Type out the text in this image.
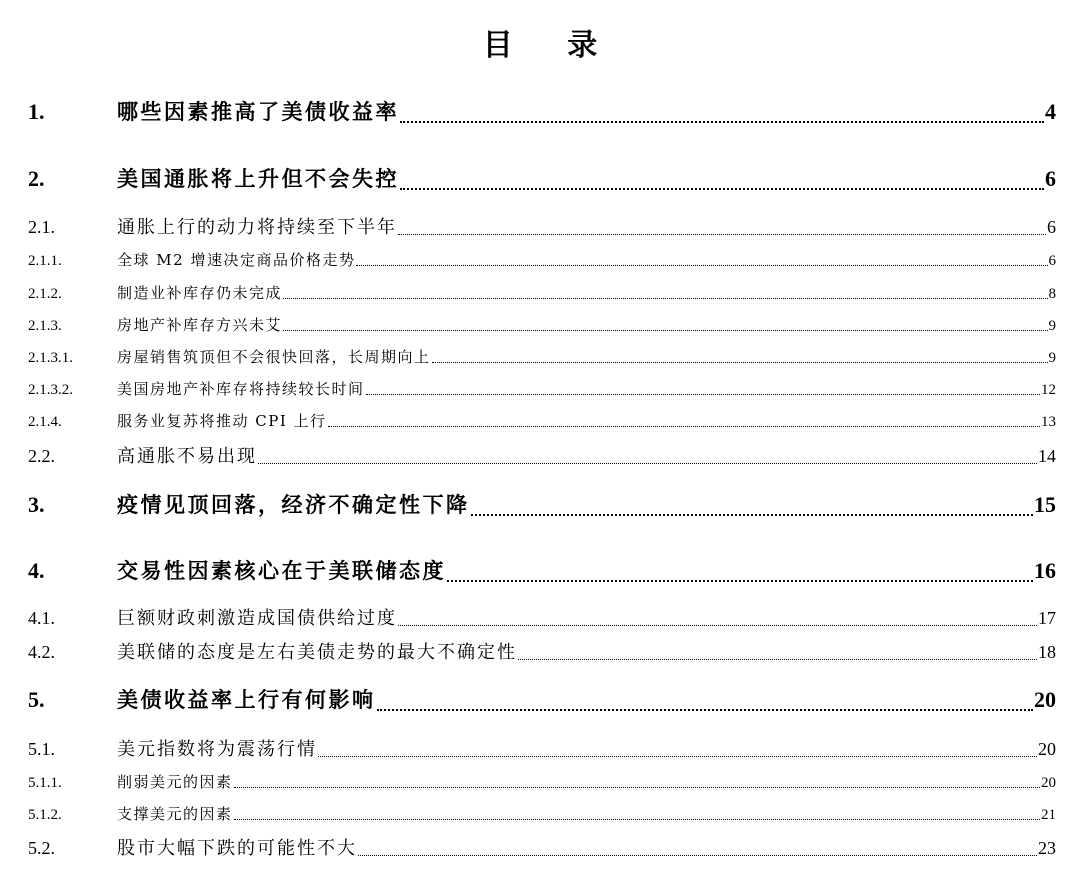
目 录
1.	哪些因素推高了美债收益率	4
2.	美国通胀将上升但不会失控	6
2.1.	通胀上行的动力将持续至下半年	6
2.1.1.	全球 M2 增速决定商品价格走势	6
2.1.2.	制造业补库存仍未完成	8
2.1.3.	房地产补库存方兴未艾	9
2.1.3.1.	房屋销售筑顶但不会很快回落，长周期向上	9
2.1.3.2.	美国房地产补库存将持续较长时间	12
2.1.4.	服务业复苏将推动 CPI 上行	13
2.2.	高通胀不易出现	14
3.	疫情见顶回落，经济不确定性下降	15
4.	交易性因素核心在于美联储态度	16
4.1.	巨额财政刺激造成国债供给过度	17
4.2.	美联储的态度是左右美债走势的最大不确定性	18
5.	美债收益率上行有何影响	20
5.1.	美元指数将为震荡行情	20
5.1.1.	削弱美元的因素	20
5.1.2.	支撑美元的因素	21
5.2.	股市大幅下跌的可能性不大	23
